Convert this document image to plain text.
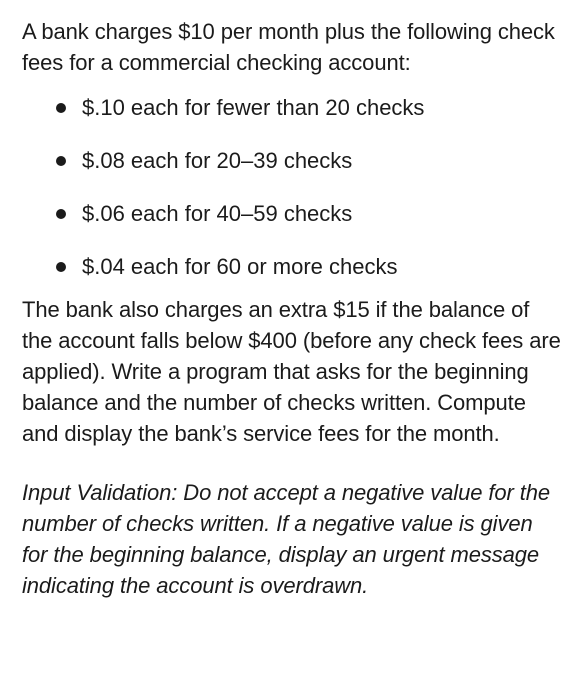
A bank charges $10 per month plus the following check fees for a commercial checking account:

$.10 each for fewer than 20 checks
$.08 each for 20–39 checks
$.06 each for 40–59 checks
$.04 each for 60 or more checks

The bank also charges an extra $15 if the balance of the account falls below $400 (before any check fees are applied). Write a program that asks for the beginning balance and the number of checks written. Compute and display the bank’s service fees for the month.

Input Validation: Do not accept a negative value for the number of checks written. If a negative value is given for the beginning balance, display an urgent message indicating the account is overdrawn.
